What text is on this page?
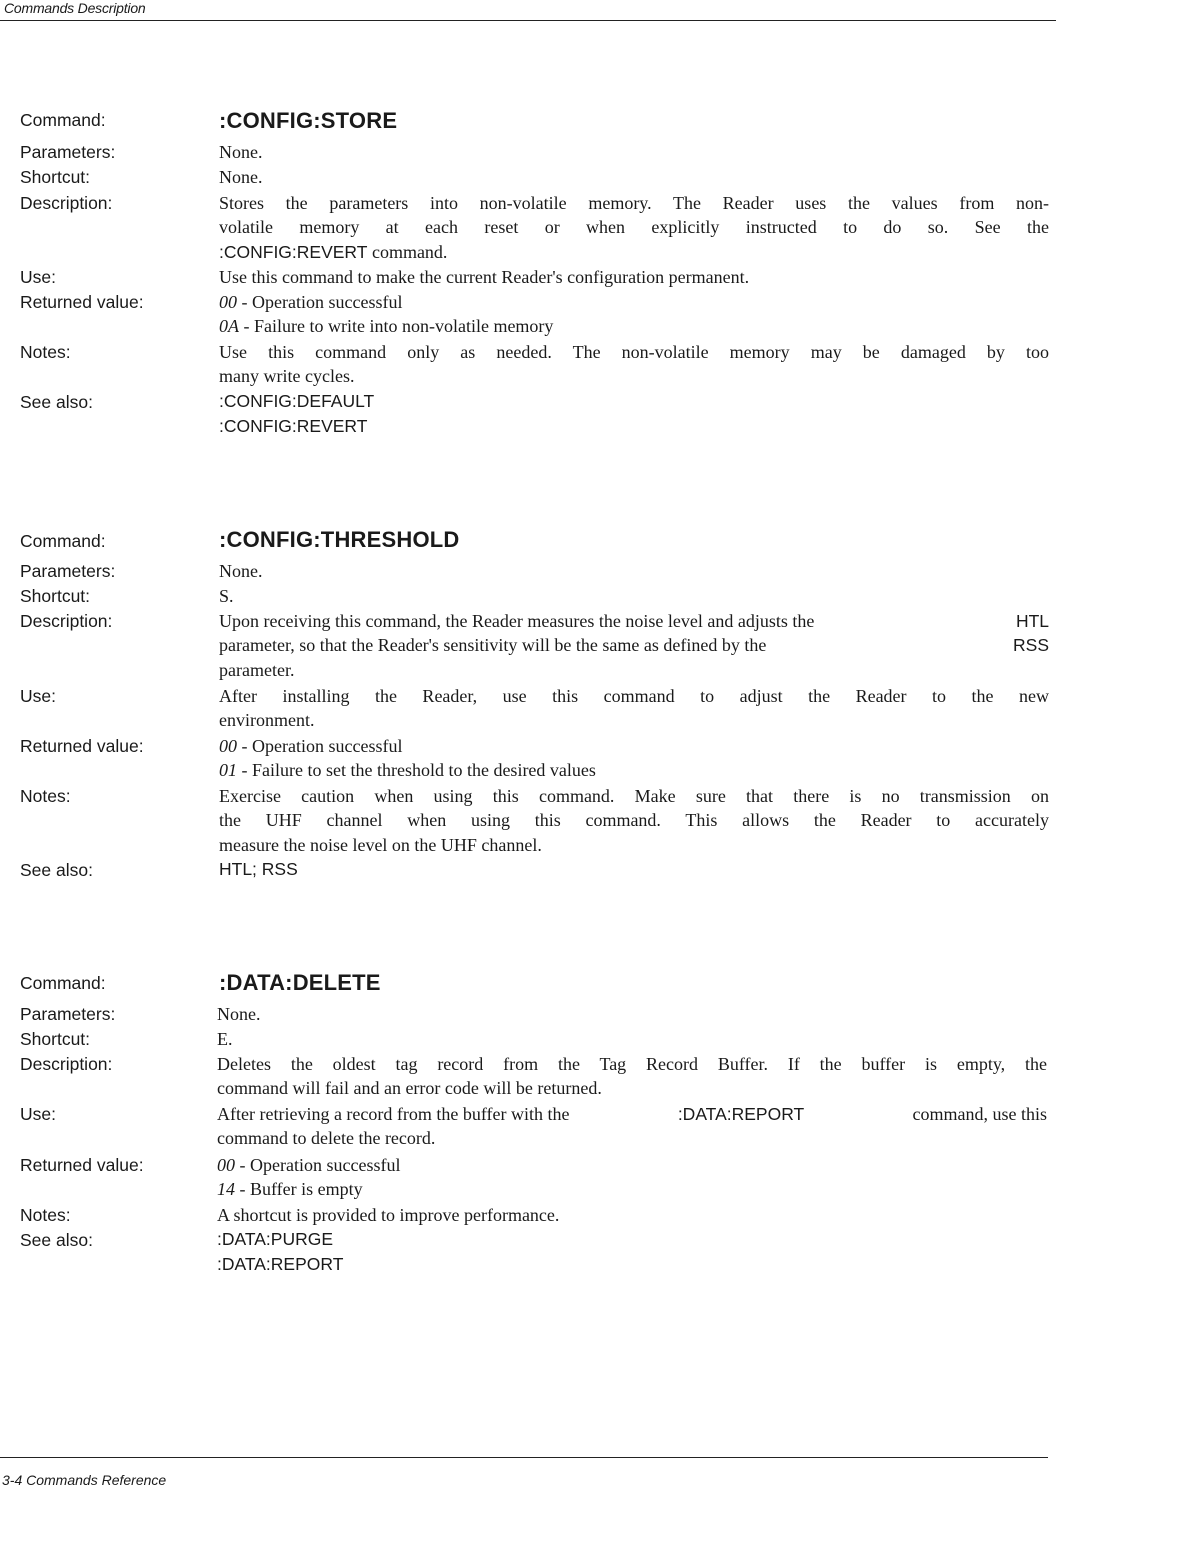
Commands Description
Command:	:CONFIG:STORE
Parameters:	None.
Shortcut:	None.
Description:	Stores the parameters into non-volatile memory. The Reader uses the values from non-
volatile memory at each reset or when explicitly instructed to do so. See the
:CONFIG:REVERT command.
Use:	Use this command to make the current Reader's configuration permanent.
Returned value:	00 - Operation successful
0A - Failure to write into non-volatile memory
Notes:	Use this command only as needed. The non-volatile memory may be damaged by too
many write cycles.
See also:	:CONFIG:DEFAULT
:CONFIG:REVERT
Command:	:CONFIG:THRESHOLD
Parameters:	None.
Shortcut:	S.
Description:	Upon receiving this command, the Reader measures the noise level and adjusts the	HTL
parameter, so that the Reader's sensitivity will be the same as defined by the	RSS
parameter.
Use:	After installing the Reader, use this command to adjust the Reader to the new
environment.
Returned value:	00 - Operation successful
01 - Failure to set the threshold to the desired values
Notes:	Exercise caution when using this command. Make sure that there is no transmission on
the UHF channel when using this command. This allows the Reader to accurately
measure the noise level on the UHF channel.
See also:	HTL; RSS
Command:	:DATA:DELETE
Parameters:	None.
Shortcut:	E.
Description:	Deletes the oldest tag record from the Tag Record Buffer. If the buffer is empty, the
command will fail and an error code will be returned.
Use:	After retrieving a record from the buffer with the	:DATA:REPORT	command, use this
command to delete the record.
Returned value:	00 - Operation successful
14 - Buffer is empty
Notes:	A shortcut is provided to improve performance.
See also:	:DATA:PURGE
:DATA:REPORT
3-4 Commands Reference
